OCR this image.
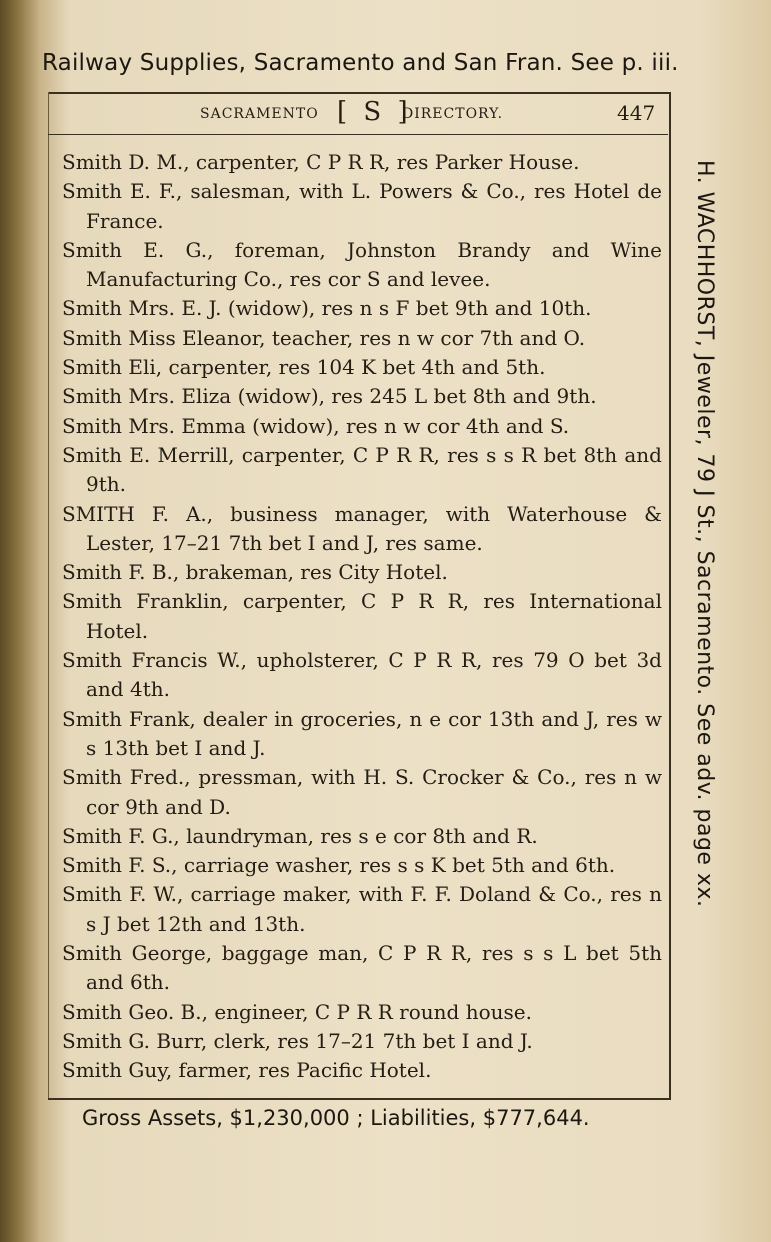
Railway Supplies, Sacramento and San Fran. See p. iii.
SACRAMENTO [ S ]
DIRECTORY.	447
Smith D. M., carpenter, C P R R, res Parker House.
Smith E. F., salesman, with L. Powers & Co., res Hotel de France.
Smith E. G., foreman, Johnston Brandy and Wine Manufacturing Co., res cor S and levee.
Smith Mrs. E. J. (widow), res n s F bet 9th and 10th.
Smith Miss Eleanor, teacher, res n w cor 7th and O.
Smith Eli, carpenter, res 104 K bet 4th and 5th.
Smith Mrs. Eliza (widow), res 245 L bet 8th and 9th.
Smith Mrs. Emma (widow), res n w cor 4th and S.
Smith E. Merrill, carpenter, C P R R, res s s R bet 8th and 9th.
SMITH F. A., business manager, with Waterhouse & Lester, 17–21 7th bet I and J, res same.
Smith F. B., brakeman, res City Hotel.
Smith Franklin, carpenter, C P R R, res International Hotel.
Smith Francis W., upholsterer, C P R R, res 79 O bet 3d and 4th.
Smith Frank, dealer in groceries, n e cor 13th and J, res w s 13th bet I and J.
Smith Fred., pressman, with H. S. Crocker & Co., res n w cor 9th and D.
Smith F. G., laundryman, res s e cor 8th and R.
Smith F. S., carriage washer, res s s K bet 5th and 6th.
Smith F. W., carriage maker, with F. F. Doland & Co., res n s J bet 12th and 13th.
Smith George, baggage man, C P R R, res s s L bet 5th and 6th.
Smith Geo. B., engineer, C P R R round house.
Smith G. Burr, clerk, res 17–21 7th bet I and J.
Smith Guy, farmer, res Pacific Hotel.
Gross Assets, $1,230,000 ; Liabilities, $777,644.
H. WACHHORST, Jeweler, 79 J St., Sacramento. See adv. page xx.
